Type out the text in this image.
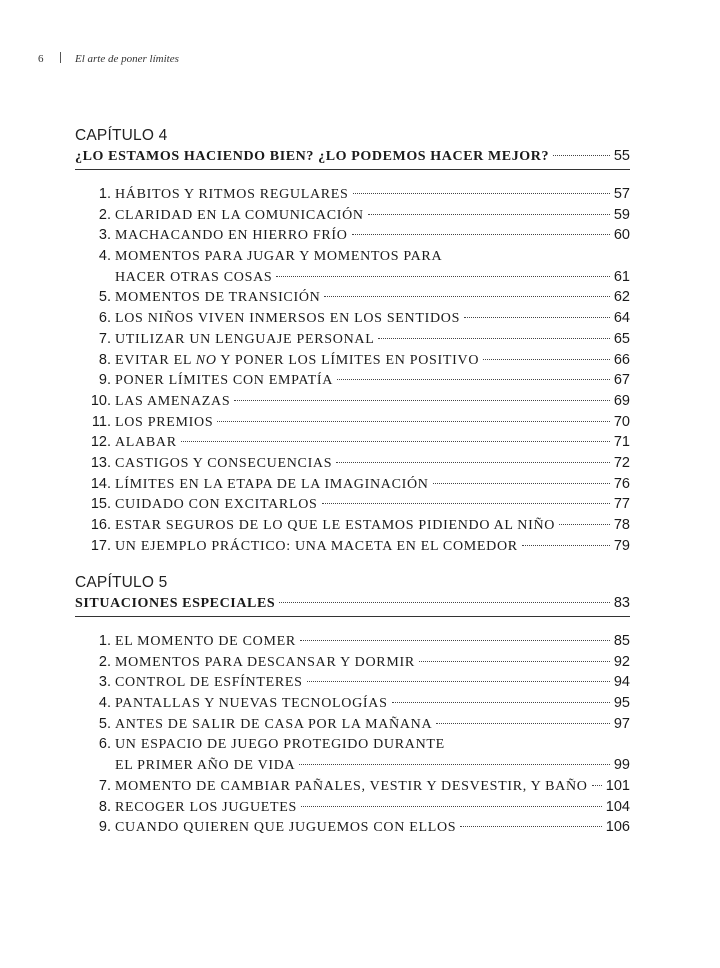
6	El arte de poner límites
CAPÍTULO 4
¿LO ESTAMOS HACIENDO BIEN? ¿LO PODEMOS HACER MEJOR?	55
1. HÁBITOS Y RITMOS REGULARES	57
2. CLARIDAD EN LA COMUNICACIÓN	59
3. MACHACANDO EN HIERRO FRÍO	60
4. MOMENTOS PARA JUGAR Y MOMENTOS PARA
HACER OTRAS COSAS	61
5. MOMENTOS DE TRANSICIÓN	62
6. LOS NIÑOS VIVEN INMERSOS EN LOS SENTIDOS	64
7. UTILIZAR UN LENGUAJE PERSONAL	65
8. EVITAR EL NO Y PONER LOS LÍMITES EN POSITIVO	66
9. PONER LÍMITES CON EMPATÍA	67
10. LAS AMENAZAS	69
11. LOS PREMIOS	70
12. ALABAR	71
13. CASTIGOS Y CONSECUENCIAS	72
14. LÍMITES EN LA ETAPA DE LA IMAGINACIÓN	76
15. CUIDADO CON EXCITARLOS	77
16. ESTAR SEGUROS DE LO QUE LE ESTAMOS PIDIENDO AL NIÑO	78
17. UN EJEMPLO PRÁCTICO: UNA MACETA EN EL COMEDOR	79
CAPÍTULO 5
SITUACIONES ESPECIALES	83
1. EL MOMENTO DE COMER	85
2. MOMENTOS PARA DESCANSAR Y DORMIR	92
3. CONTROL DE ESFÍNTERES	94
4. PANTALLAS Y NUEVAS TECNOLOGÍAS	95
5. ANTES DE SALIR DE CASA POR LA MAÑANA	97
6. UN ESPACIO DE JUEGO PROTEGIDO DURANTE
EL PRIMER AÑO DE VIDA	99
7. MOMENTO DE CAMBIAR PAÑALES, VESTIR Y DESVESTIR, Y BAÑO 101
8. RECOGER LOS JUGUETES	104
9. CUANDO QUIEREN QUE JUGUEMOS CON ELLOS	106
